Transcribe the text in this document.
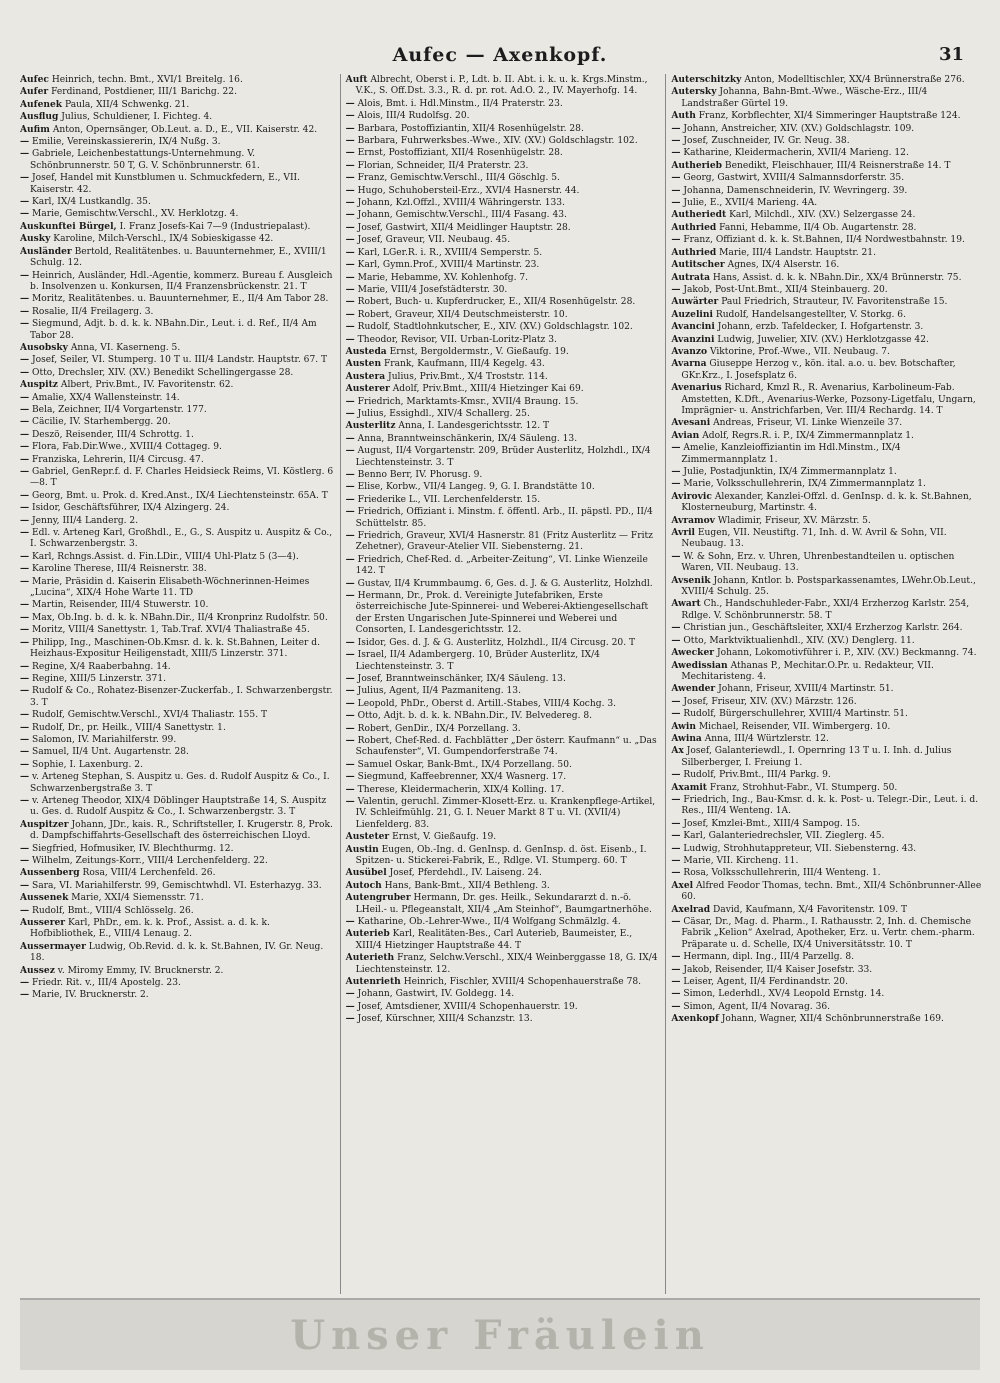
Aufec — Axenkopf.	31

Aufec Heinrich, techn. Bmt., XVI/1 Breitelg. 16.

Aufer Ferdinand, Postdiener, III/1 Barichg. 22.

Aufenek Paula, XII/4 Schwenkg. 21.

Ausflug Julius, Schuldiener, I. Fichteg. 4.

Aufim Anton, Opernsänger, Ob.Leut. a. D., E., VII. Kaiserstr. 42.

— Emilie, Vereinskassiererin, IX/4 Nußg. 3.

— Gabriele, Leichenbestattungs-Unternehmung. V. Schönbrunnerstr. 50 T, G. V. Schönbrunnerstr. 61.

— Josef, Handel mit Kunstblumen u. Schmuckfedern, E., VII. Kaiserstr. 42.

— Karl, IX/4 Lustkandlg. 35.

— Marie, Gemischtw.Verschl., XV. Herklotzg. 4.

Auskunftei Bürgel, I. Franz Josefs-Kai 7—9 (Industriepalast).

Ausky Karoline, Milch-Verschl., IX/4 Sobieskigasse 42.

Ausländer Bertold, Realitätenbes. u. Bauunternehmer, E., XVIII/1 Schulg. 12.

— Heinrich, Ausländer, Hdl.-Agentie, kommerz. Bureau f. Ausgleich b. Insolvenzen u. Konkursen, II/4 Franzensbrückenstr. 21. T

— Moritz, Realitätenbes. u. Bauunternehmer, E., II/4 Am Tabor 28.

— Rosalie, II/4 Freilagerg. 3.

— Siegmund, Adjt. b. d. k. k. NBahn.Dir., Leut. i. d. Ref., II/4 Am Tabor 28.

Ausobsky Anna, VI. Kaserneng. 5.

— Josef, Seiler, VI. Stumperg. 10 T u. III/4 Landstr. Hauptstr. 67. T

— Otto, Drechsler, XIV. (XV.) Benedikt Schellingergasse 28.

Auspitz Albert, Priv.Bmt., IV. Favoritenstr. 62.

— Amalie, XX/4 Wallensteinstr. 14.

— Bela, Zeichner, II/4 Vorgartenstr. 177.

— Cäcilie, IV. Starhembergg. 20.

— Deszö, Reisender, III/4 Schrottg. 1.

— Flora, Fab.Dir.Wwe., XVIII/4 Cottageg. 9.

— Franziska, Lehrerin, II/4 Circusg. 47.

— Gabriel, GenRepr.f. d. F. Charles Heidsieck Reims, VI. Köstlerg. 6—8. T

— Georg, Bmt. u. Prok. d. Kred.Anst., IX/4 Liechtensteinstr. 65A. T

— Isidor, Geschäftsführer, IX/4 Alzingerg. 24.

— Jenny, III/4 Landerg. 2.

— Edl. v. Arteneg Karl, Großhdl., E., G., S. Auspitz u. Auspitz & Co., I. Schwarzenbergstr. 3.

— Karl, Rchngs.Assist. d. Fin.LDir., VIII/4 Uhl-Platz 5 (3—4).

— Karoline Therese, III/4 Reisnerstr. 38.

— Marie, Präsidin d. Kaiserin Elisabeth-Wöchnerinnen-Heimes „Lucina“, XIX/4 Hohe Warte 11. TD

— Martin, Reisender, III/4 Stuwerstr. 10.

— Max, Ob.Ing. b. d. k. k. NBahn.Dir., II/4 Kronprinz Rudolfstr. 50.

— Moritz, VIII/4 Sanettystr. 1, Tab.Traf. XVI/4 Thaliastraße 45.

— Philipp, Ing., Maschinen-Ob.Kmsr. d. k. k. St.Bahnen, Leiter d. Heizhaus-Expositur Heiligenstadt, XIII/5 Linzerstr. 371.

— Regine, X/4 Raaberbahng. 14.

— Regine, XIII/5 Linzerstr. 371.

— Rudolf & Co., Rohatez-Bisenzer-Zuckerfab., I. Schwarzenbergstr. 3. T

— Rudolf, Gemischtw.Verschl., XVI/4 Thaliastr. 155. T

— Rudolf, Dr., pr. Heilk., VIII/4 Sanettystr. 1.

— Salomon, IV. Mariahilferstr. 99.

— Samuel, II/4 Unt. Augartenstr. 28.

— Sophie, I. Laxenburg. 2.

— v. Arteneg Stephan, S. Auspitz u. Ges. d. Rudolf Auspitz & Co., I. Schwarzenbergstraße 3. T

— v. Arteneg Theodor, XIX/4 Döblinger Hauptstraße 14, S. Auspitz u. Ges. d. Rudolf Auspitz & Co., I. Schwarzenbergstr. 3. T

Auspitzer Johann, JDr., kais. R., Schriftsteller, I. Krugerstr. 8, Prok. d. Dampfschiffahrts-Gesellschaft des österreichischen Lloyd.

— Siegfried, Hofmusiker, IV. Blechthurmg. 12.

— Wilhelm, Zeitungs-Korr., VIII/4 Lerchenfelderg. 22.

Aussenberg Rosa, VIII/4 Lerchenfeld. 26.

— Sara, VI. Mariahilferstr. 99, Gemischtwhdl. VI. Esterhazyg. 33.

Aussenek Marie, XXI/4 Siemensstr. 71.

— Rudolf, Bmt., VIII/4 Schlösselg. 26.

Ausserer Karl, PhDr., em. k. k. Prof., Assist. a. d. k. k. Hofbibliothek, E., VIII/4 Lenaug. 2.

Aussermayer Ludwig, Ob.Revid. d. k. k. St.Bahnen, IV. Gr. Neug. 18.

Aussez v. Miromy Emmy, IV. Brucknerstr. 2.

— Friedr. Rit. v., III/4 Apostelg. 23.

— Marie, IV. Brucknerstr. 2.

Auft Albrecht, Oberst i. P., Ldt. b. II. Abt. i. k. u. k. Krgs.Minstm., V.K., S. Off.Dst. 3.3., R. d. pr. rot. Ad.O. 2., IV. Mayerhofg. 14.

— Alois, Bmt. i. Hdl.Minstm., II/4 Praterstr. 23.

— Alois, III/4 Rudolfsg. 20.

— Barbara, Postoffiziantin, XII/4 Rosenhügelstr. 28.

— Barbara, Fuhrwerksbes.-Wwe., XIV. (XV.) Goldschlagstr. 102.

— Ernst, Postoffiziant, XII/4 Rosenhügelstr. 28.

— Florian, Schneider, II/4 Praterstr. 23.

— Franz, Gemischtw.Verschl., III/4 Göschlg. 5.

— Hugo, Schuhobersteil-Erz., XVI/4 Hasnerstr. 44.

— Johann, Kzl.Offzl., XVIII/4 Währingerstr. 133.

— Johann, Gemischtw.Verschl., III/4 Fasang. 43.

— Josef, Gastwirt, XII/4 Meidlinger Hauptstr. 28.

— Josef, Graveur, VII. Neubaug. 45.

— Karl, LGer.R. i. R., XVIII/4 Semperstr. 5.

— Karl, Gymn.Prof., XVIII/4 Martinstr. 23.

— Marie, Hebamme, XV. Kohlenhofg. 7.

— Marie, VIII/4 Josefstädterstr. 30.

— Robert, Buch- u. Kupferdrucker, E., XII/4 Rosenhügelstr. 28.

— Robert, Graveur, XII/4 Deutschmeisterstr. 10.

— Rudolf, Stadtlohnkutscher, E., XIV. (XV.) Goldschlagstr. 102.

— Theodor, Revisor, VII. Urban-Loritz-Platz 3.

Austeda Ernst, Bergoldermstr., V. Gießaufg. 19.

Austen Frank, Kaufmann, III/4 Kegelg. 43.

Austera Julius, Priv.Bmt., X/4 Troststr. 114.

Austerer Adolf, Priv.Bmt., XIII/4 Hietzinger Kai 69.

— Friedrich, Marktamts-Kmsr., XVII/4 Braung. 15.

— Julius, Essighdl., XIV/4 Schallerg. 25.

Austerlitz Anna, I. Landesgerichtsstr. 12. T

— Anna, Branntweinschänkerin, IX/4 Säuleng. 13.

— August, II/4 Vorgartenstr. 209, Brüder Austerlitz, Holzhdl., IX/4 Liechtensteinstr. 3. T

— Benno Berr, IV. Phorusg. 9.

— Elise, Korbw., VII/4 Langeg. 9, G. I. Brandstätte 10.

— Friederike L., VII. Lerchenfelderstr. 15.

— Friedrich, Offiziant i. Minstm. f. öffentl. Arb., II. päpstl. PD., II/4 Schüttelstr. 85.

— Friedrich, Graveur, XVI/4 Hasnerstr. 81 (Fritz Austerlitz — Fritz Zehetner), Graveur-Atelier VII. Siebensterng. 21.

— Friedrich, Chef-Red. d. „Arbeiter-Zeitung“, VI. Linke Wienzeile 142. T

— Gustav, II/4 Krummbaumg. 6, Ges. d. J. & G. Austerlitz, Holzhdl.

— Hermann, Dr., Prok. d. Vereinigte Jutefabriken, Erste österreichische Jute-Spinnerei- und Weberei-Aktiengesellschaft der Ersten Ungarischen Jute-Spinnerei und Weberei und Consorten, I. Landesgerichtsstr. 12.

— Isidor, Ges. d. J. & G. Austerlitz, Holzhdl., II/4 Circusg. 20. T

— Israel, II/4 Adambergerg. 10, Brüder Austerlitz, IX/4 Liechtensteinstr. 3. T

— Josef, Branntweinschänker, IX/4 Säuleng. 13.

— Julius, Agent, II/4 Pazmaniteng. 13.

— Leopold, PhDr., Oberst d. Artill.-Stabes, VIII/4 Kochg. 3.

— Otto, Adjt. b. d. k. k. NBahn.Dir., IV. Belvedereg. 8.

— Robert, GenDir., IX/4 Porzellang. 3.

— Robert, Chef-Red. d. Fachblätter „Der österr. Kaufmann“ u. „Das Schaufenster“, VI. Gumpendorferstraße 74.

— Samuel Oskar, Bank-Bmt., IX/4 Porzellang. 50.

— Siegmund, Kaffeebrenner, XX/4 Wasnerg. 17.

— Therese, Kleidermacherin, XIX/4 Kolling. 17.

— Valentin, geruchl. Zimmer-Klosett-Erz. u. Krankenpflege-Artikel, IV. Schleifmühlg. 21, G. I. Neuer Markt 8 T u. VI. (XVII/4) Lienfelderg. 83.

Austeter Ernst, V. Gießaufg. 19.

Austin Eugen, Ob.-Ing. d. GenInsp. d. GenInsp. d. öst. Eisenb., I. Spitzen- u. Stickerei-Fabrik, E., Rdlge. VI. Stumperg. 60. T

Ausübel Josef, Pferdehdl., IV. Laiseng. 24.

Autoch Hans, Bank-Bmt., XII/4 Bethleng. 3.

Autengruber Hermann, Dr. ges. Heilk., Sekundararzt d. n.-ö. LHeil.- u. Pflegeanstalt, XII/4 „Am Steinhof“, Baumgartnerhöhe.

— Katharine, Ob.-Lehrer-Wwe., II/4 Wolfgang Schmälzlg. 4.

Auterieb Karl, Realitäten-Bes., Carl Auterieb, Baumeister, E., XIII/4 Hietzinger Hauptstraße 44. T

Auterieth Franz, Selchw.Verschl., XIX/4 Weinberggasse 18, G. IX/4 Liechtensteinstr. 12.

Autenrieth Heinrich, Fischler, XVIII/4 Schopenhauerstraße 78.

— Johann, Gastwirt, IV. Goldegg. 14.

— Josef, Amtsdiener, XVIII/4 Schopenhauerstr. 19.

— Josef, Kürschner, XIII/4 Schanzstr. 13.

Auterschitzky Anton, Modelltischler, XX/4 Brünnerstraße 276.

Autersky Johanna, Bahn-Bmt.-Wwe., Wäsche-Erz., III/4 Landstraßer Gürtel 19.

Auth Franz, Korbflechter, XI/4 Simmeringer Hauptstraße 124.

— Johann, Anstreicher, XIV. (XV.) Goldschlagstr. 109.

— Josef, Zuschneider, IV. Gr. Neug. 38.

— Katharine, Kleidermacherin, XVII/4 Marieng. 12.

Autherieb Benedikt, Fleischhauer, III/4 Reisnerstraße 14. T

— Georg, Gastwirt, XVIII/4 Salmannsdorferstr. 35.

— Johanna, Damenschneiderin, IV. Wevringerg. 39.

— Julie, E., XVII/4 Marieng. 4A.

Autheriedt Karl, Milchdl., XIV. (XV.) Selzergasse 24.

Authried Fanni, Hebamme, II/4 Ob. Augartenstr. 28.

— Franz, Offiziant d. k. k. St.Bahnen, II/4 Nordwestbahnstr. 19.

Authried Marie, III/4 Landstr. Hauptstr. 21.

Autitscher Agnes, IX/4 Alserstr. 16.

Autrata Hans, Assist. d. k. k. NBahn.Dir., XX/4 Brünnerstr. 75.

— Jakob, Post-Unt.Bmt., XII/4 Steinbauerg. 20.

Auwärter Paul Friedrich, Strauteur, IV. Favoritenstraße 15.

Auzelini Rudolf, Handelsangestellter, V. Storkg. 6.

Avancini Johann, erzb. Tafeldecker, I. Hofgartenstr. 3.

Avanzini Ludwig, Juwelier, XIV. (XV.) Herklotzgasse 42.

Avanzo Viktorine, Prof.-Wwe., VII. Neubaug. 7.

Avarna Giuseppe Herzog v., kön. ital. a.o. u. bev. Botschafter, GKr.Krz., I. Josefsplatz 6.

Avenarius Richard, Kmzl R., R. Avenarius, Karbolineum-Fab. Amstetten, K.Dft., Avenarius-Werke, Pozsony-Ligetfalu, Ungarn, Imprägnier- u. Anstrichfarben, Ver. III/4 Rechardg. 14. T

Avesani Andreas, Friseur, VI. Linke Wienzeile 37.

Avian Adolf, Regrs.R. i. P., IX/4 Zimmermannplatz 1.

— Amelie, Kanzleioffiziantin im Hdl.Minstm., IX/4 Zimmermannplatz 1.

— Julie, Postadjunktin, IX/4 Zimmermannplatz 1.

— Marie, Volksschullehrerin, IX/4 Zimmermannplatz 1.

Avirovic Alexander, Kanzlei-Offzl. d. GenInsp. d. k. k. St.Bahnen, Klosterneuburg, Martinstr. 4.

Avramov Wladimir, Friseur, XV. Märzstr. 5.

Avril Eugen, VII. Neustiftg. 71, Inh. d. W. Avril & Sohn, VII. Neubaug. 13.

— W. & Sohn, Erz. v. Uhren, Uhrenbestandteilen u. optischen Waren, VII. Neubaug. 13.

Avsenik Johann, Kntlor. b. Postsparkassenamtes, LWehr.Ob.Leut., XVIII/4 Schulg. 25.

Awart Ch., Handschuhleder-Fabr., XXI/4 Erzherzog Karlstr. 254, Rdlge. V. Schönbrunnerstr. 58. T

— Christian jun., Geschäftsleiter, XXI/4 Erzherzog Karlstr. 264.

— Otto, Marktviktualienhdl., XIV. (XV.) Denglerg. 11.

Awecker Johann, Lokomotivführer i. P., XIV. (XV.) Beckmanng. 74.

Awedissian Athanas P., Mechitar.O.Pr. u. Redakteur, VII. Mechitaristeng. 4.

Awender Johann, Friseur, XVIII/4 Martinstr. 51.

— Josef, Friseur, XIV. (XV.) Märzstr. 126.

— Rudolf, Bürgerschullehrer, XVIII/4 Martinstr. 51.

Awin Michael, Reisender, VII. Wimbergerg. 10.

Awina Anna, III/4 Würtzlerstr. 12.

Ax Josef, Galanteriewdl., I. Opernring 13 T u. I. Inh. d. Julius Silberberger, I. Freiung 1.

— Rudolf, Priv.Bmt., III/4 Parkg. 9.

Axamit Franz, Strohhut-Fabr., VI. Stumperg. 50.

— Friedrich, Ing., Bau-Kmsr. d. k. k. Post- u. Telegr.-Dir., Leut. i. d. Res., III/4 Wenteng. 1A.

— Josef, Kmzlei-Bmt., XIII/4 Sampog. 15.

— Karl, Galanteriedrechsler, VII. Zieglerg. 45.

— Ludwig, Strohhutappreteur, VII. Siebensterng. 43.

— Marie, VII. Kircheng. 11.

— Rosa, Volksschullehrerin, III/4 Wenteng. 1.

Axel Alfred Feodor Thomas, techn. Bmt., XII/4 Schönbrunner-Allee 60.

Axelrad David, Kaufmann, X/4 Favoritenstr. 109. T

— Cäsar, Dr., Mag. d. Pharm., I. Rathausstr. 2, Inh. d. Chemische Fabrik „Kelion“ Axelrad, Apotheker, Erz. u. Vertr. chem.-pharm. Präparate u. d. Schelle, IX/4 Universitätsstr. 10. T

— Hermann, dipl. Ing., III/4 Parzellg. 8.

— Jakob, Reisender, II/4 Kaiser Josefstr. 33.

— Leiser, Agent, II/4 Ferdinandstr. 20.

— Simon, Lederhdl., XV/4 Leopold Ernstg. 14.

— Simon, Agent, II/4 Novarag. 36.

Axenkopf Johann, Wagner, XII/4 Schönbrunnerstraße 169.

Unser Fräulein
